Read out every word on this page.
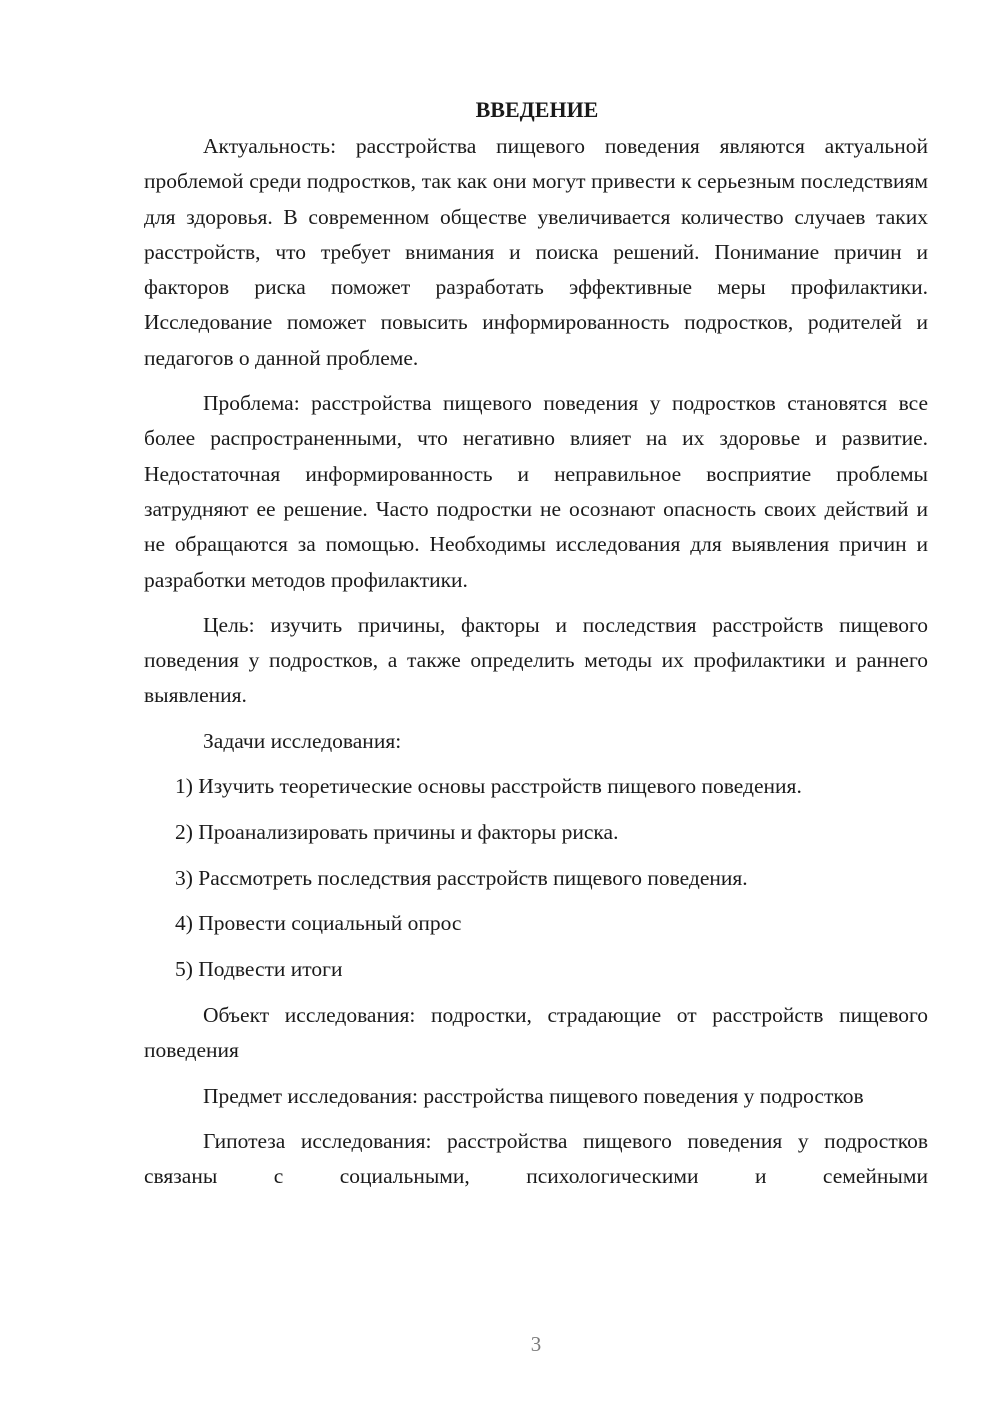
ВВЕДЕНИЕ

Актуальность: расстройства пищевого поведения являются актуальной проблемой среди подростков, так как они могут привести к серьезным последствиям для здоровья. В современном обществе увеличивается количество случаев таких расстройств, что требует внимания и поиска решений. Понимание причин и факторов риска поможет разработать эффективные меры профилактики. Исследование поможет повысить информированность подростков, родителей и педагогов о данной проблеме.

Проблема: расстройства пищевого поведения у подростков становятся все более распространенными, что негативно влияет на их здоровье и развитие. Недостаточная информированность и неправильное восприятие проблемы затрудняют ее решение. Часто подростки не осознают опасность своих действий и не обращаются за помощью. Необходимы исследования для выявления причин и разработки методов профилактики.

Цель: изучить причины, факторы и последствия расстройств пищевого поведения у подростков, а также определить методы их профилактики и раннего выявления.

Задачи исследования:

1) Изучить теоретические основы расстройств пищевого поведения.
2) Проанализировать причины и факторы риска.
3) Рассмотреть последствия расстройств пищевого поведения.
4) Провести социальный опрос
5) Подвести итоги

Объект исследования: подростки, страдающие от расстройств пищевого поведения

Предмет исследования: расстройства пищевого поведения у подростков

Гипотеза исследования: расстройства пищевого поведения у подростков связаны с социальными, психологическими и семейными

3
